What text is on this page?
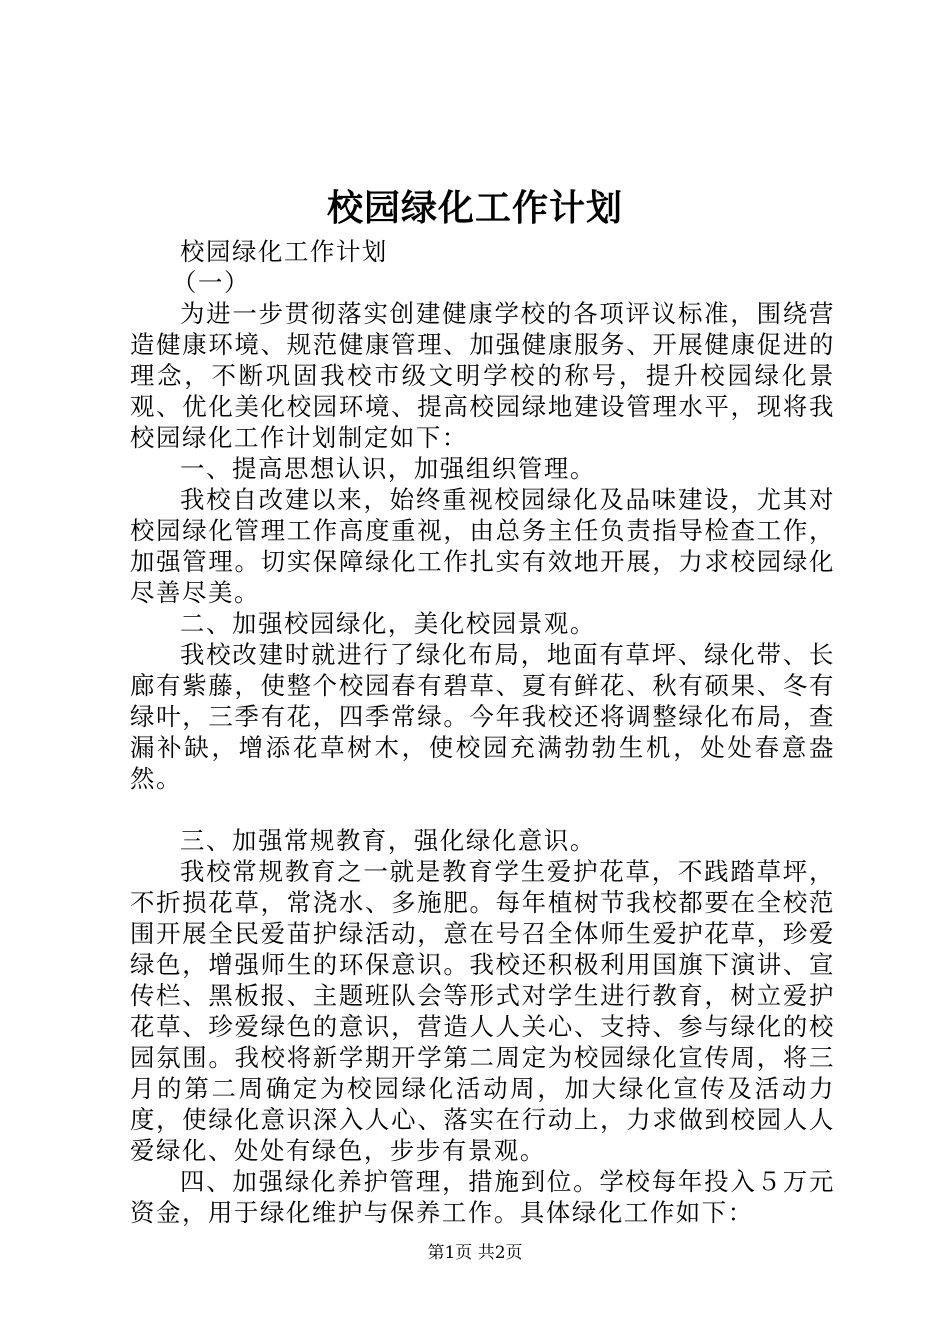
校园绿化工作计划

校园绿化工作计划

（一）

为进一步贯彻落实创建健康学校的各项评议标准，围绕营造健康环境、规范健康管理、加强健康服务、开展健康促进的理念，不断巩固我校市级文明学校的称号，提升校园绿化景观、优化美化校园环境、提高校园绿地建设管理水平，现将我校园绿化工作计划制定如下：

一、提高思想认识，加强组织管理。

我校自改建以来，始终重视校园绿化及品味建设，尤其对校园绿化管理工作高度重视，由总务主任负责指导检查工作，加强管理。切实保障绿化工作扎实有效地开展，力求校园绿化尽善尽美。

二、加强校园绿化，美化校园景观。

我校改建时就进行了绿化布局，地面有草坪、绿化带、长廊有紫藤，使整个校园春有碧草、夏有鲜花、秋有硕果、冬有绿叶，三季有花，四季常绿。今年我校还将调整绿化布局，查漏补缺，增添花草树木，使校园充满勃勃生机，处处春意盎然。

三、加强常规教育，强化绿化意识。

我校常规教育之一就是教育学生爱护花草，不践踏草坪，不折损花草，常浇水、多施肥。每年植树节我校都要在全校范围开展全民爱苗护绿活动，意在号召全体师生爱护花草，珍爱绿色，增强师生的环保意识。我校还积极利用国旗下演讲、宣传栏、黑板报、主题班队会等形式对学生进行教育，树立爱护花草、珍爱绿色的意识，营造人人关心、支持、参与绿化的校园氛围。我校将新学期开学第二周定为校园绿化宣传周，将三月的第二周确定为校园绿化活动周，加大绿化宣传及活动力度，使绿化意识深入人心、落实在行动上，力求做到校园人人爱绿化、处处有绿色，步步有景观。

四、加强绿化养护管理，措施到位。学校每年投入５万元资金，用于绿化维护与保养工作。具体绿化工作如下：

第1页 共2页
